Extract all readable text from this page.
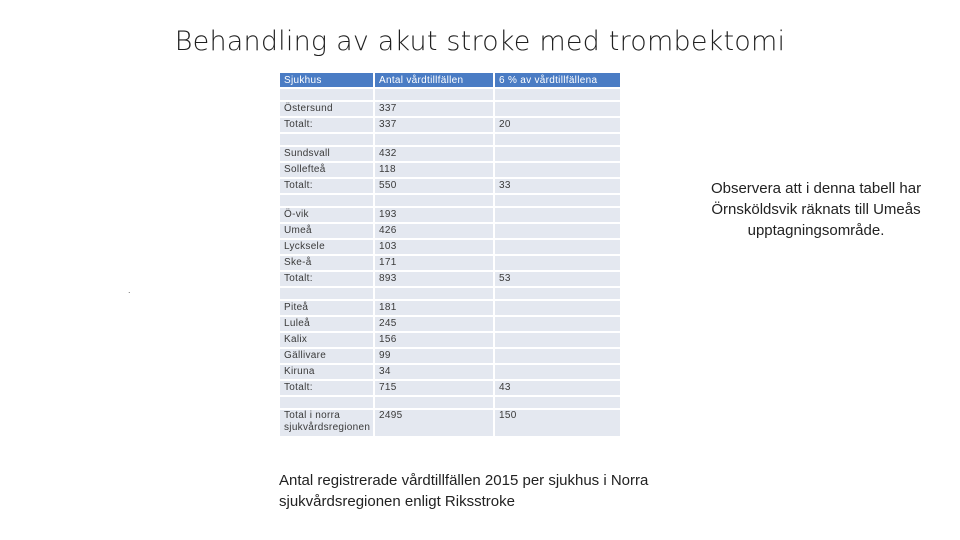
Behandling av akut stroke med trombektomi
.
Sjukhus	Antal vårdtillfällen	6 % av vårdtillfällena

Östersund	337	
Totalt:	337	20

Sundsvall	432	
Sollefteå	118	
Totalt:	550	33

Ö-vik	193	
Umeå	426	
Lycksele	103	
Ske-å	171	
Totalt:	893	53

Piteå	181	
Luleå	245	
Kalix	156	
Gällivare	99	
Kiruna	34	
Totalt:	715	43

Total i norra sjukvårdsregionen	2495	150
Observera att i denna tabell har Örnsköldsvik räknats till Umeås upptagningsområde.
Antal registrerade vårdtillfällen 2015 per sjukhus i Norra sjukvårdsregionen enligt Riksstroke
